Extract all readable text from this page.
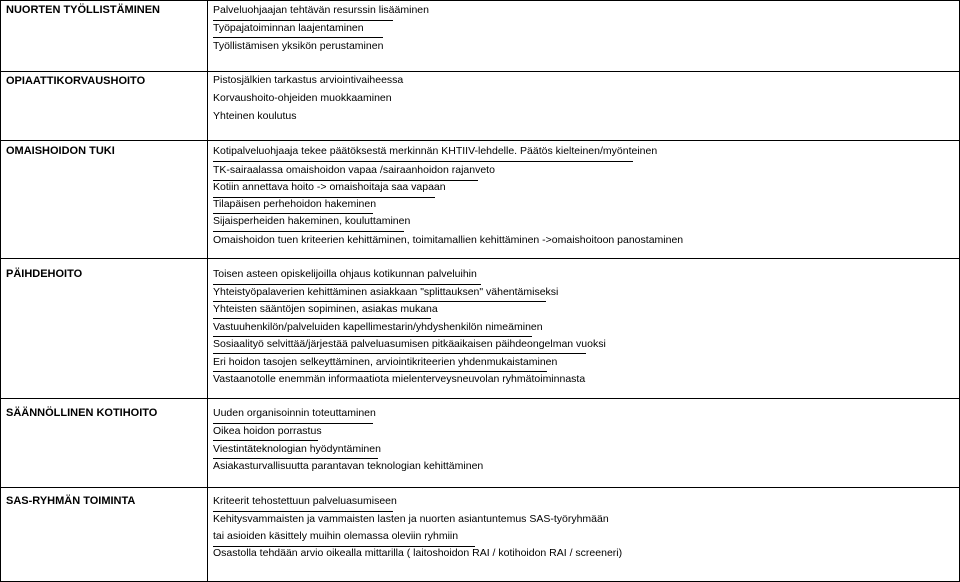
NUORTEN TYÖLLISTÄMINEN	Palveluohjaajan tehtävän resurssin lisääminen
Työpajatoiminnan laajentaminen
Työllistämisen yksikön perustaminen
OPIAATTIKORVAUSHOITO	Pistosjälkien tarkastus arviointivaiheessa
Korvaushoito-ohjeiden muokkaaminen
Yhteinen koulutus
OMAISHOIDON TUKI	Kotipalveluohjaaja tekee päätöksestä merkinnän KHTIIV-lehdelle. Päätös kielteinen/myönteinen
TK-sairaalassa omaishoidon vapaa /sairaanhoidon rajanveto
Kotiin annettava hoito -> omaishoitaja saa vapaan
Tilapäisen perhehoidon hakeminen
Sijaisperheiden hakeminen, kouluttaminen
Omaishoidon tuen kriteerien kehittäminen, toimitamallien kehittäminen ->omaishoitoon panostaminen
PÄIHDEHOITO	Toisen asteen opiskelijoilla ohjaus kotikunnan palveluihin
Yhteistyöpalaverien kehittäminen asiakkaan "splittauksen" vähentämiseksi
Yhteisten sääntöjen sopiminen, asiakas mukana
Vastuuhenkilön/palveluiden kapellimestarin/yhdyshenkilön nimeäminen
Sosiaalityö selvittää/järjestää palveluasumisen pitkäaikaisen päihdeongelman vuoksi
Eri hoidon tasojen selkeyttäminen, arviointikriteerien yhdenmukaistaminen
Vastaanotolle enemmän informaatiota mielenterveysneuvolan ryhmätoiminnasta
SÄÄNNÖLLINEN KOTIHOITO	Uuden organisoinnin toteuttaminen
Oikea hoidon porrastus
Viestintäteknologian hyödyntäminen
Asiakasturvallisuutta parantavan teknologian kehittäminen
SAS-RYHMÄN TOIMINTA	Kriteerit tehostettuun palveluasumiseen
Kehitysvammaisten ja vammaisten lasten ja nuorten asiantuntemus SAS-työryhmään
tai asioiden käsittely muihin olemassa oleviin ryhmiin
Osastolla tehdään arvio oikealla mittarilla ( laitoshoidon RAI / kotihoidon RAI / screeneri)
